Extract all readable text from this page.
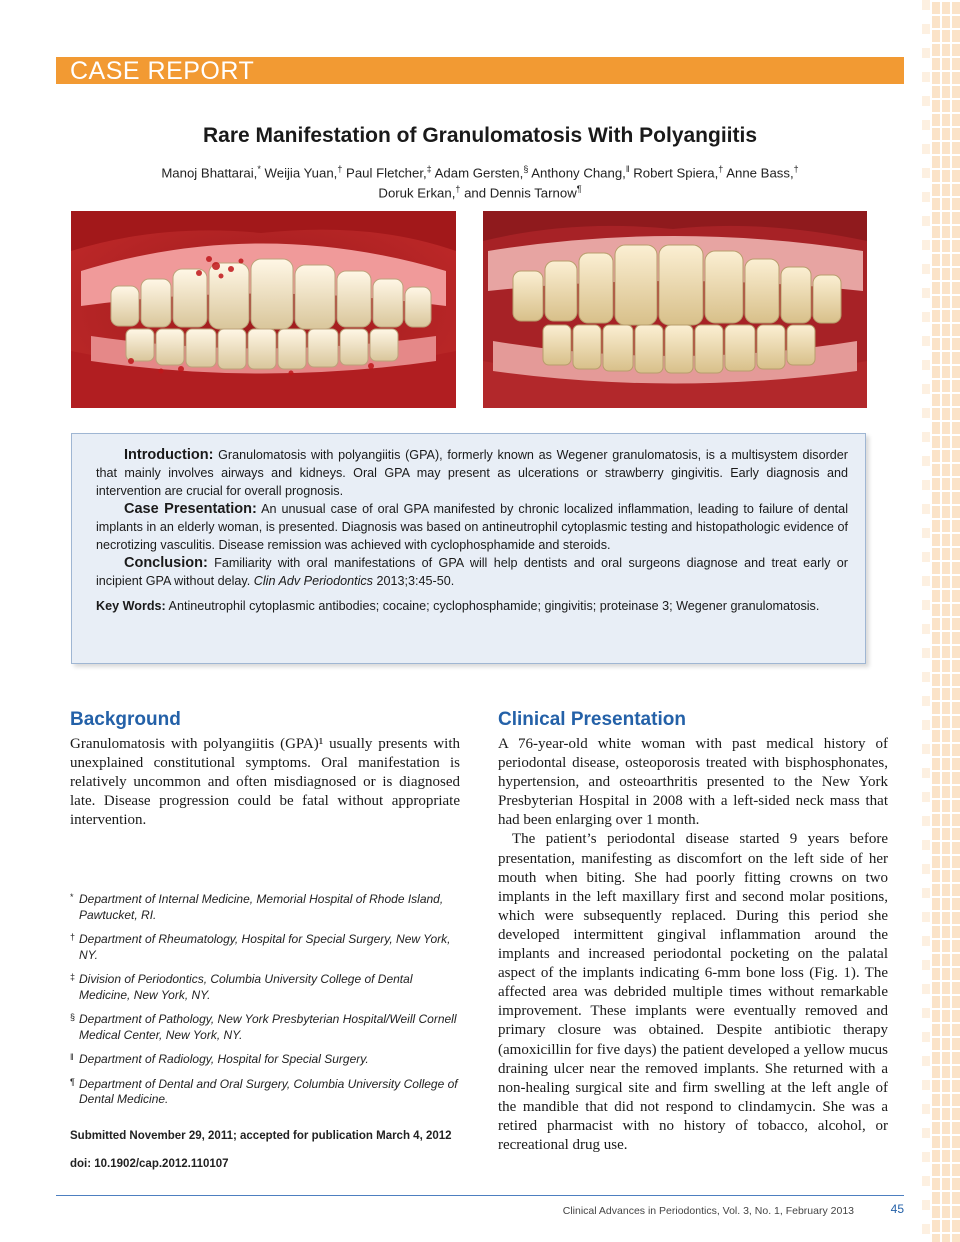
CASE REPORT
Rare Manifestation of Granulomatosis With Polyangiitis
Manoj Bhattarai,* Weijia Yuan,† Paul Fletcher,‡ Adam Gersten,§ Anthony Chang,‖ Robert Spiera,† Anne Bass,†
Doruk Erkan,† and Dennis Tarnow¶

Introduction: Granulomatosis with polyangiitis (GPA), formerly known as Wegener granulomatosis, is a multisystem disorder that mainly involves airways and kidneys. Oral GPA may present as ulcerations or strawberry gingivitis. Early diagnosis and intervention are crucial for overall prognosis.

Case Presentation: An unusual case of oral GPA manifested by chronic localized inflammation, leading to failure of dental implants in an elderly woman, is presented. Diagnosis was based on antineutrophil cytoplasmic testing and histopathologic evidence of necrotizing vasculitis. Disease remission was achieved with cyclophosphamide and steroids.

Conclusion: Familiarity with oral manifestations of GPA will help dentists and oral surgeons diagnose and treat early or incipient GPA without delay. Clin Adv Periodontics 2013;3:45-50.

Key Words: Antineutrophil cytoplasmic antibodies; cocaine; cyclophosphamide; gingivitis; proteinase 3; Wegener granulomatosis.

Background

Granulomatosis with polyangiitis (GPA)¹ usually presents with unexplained constitutional symptoms. Oral manifestation is relatively uncommon and often misdiagnosed or is diagnosed late. Disease progression could be fatal without appropriate intervention.

Clinical Presentation

A 76-year-old white woman with past medical history of periodontal disease, osteoporosis treated with bisphosphonates, hypertension, and osteoarthritis presented to the New York Presbyterian Hospital in 2008 with a left-sided neck mass that had been enlarging over 1 month.

The patient’s periodontal disease started 9 years before presentation, manifesting as discomfort on the left side of her mouth when biting. She had poorly fitting crowns on two implants in the left maxillary first and second molar positions, which were subsequently replaced. During this period she developed intermittent gingival inflammation around the implants and increased periodontal pocketing on the palatal aspect of the implants indicating 6-mm bone loss (Fig. 1). The affected area was debrided multiple times without remarkable improvement. These implants were eventually removed and primary closure was obtained. Despite antibiotic therapy (amoxicillin for five days) the patient developed a yellow mucus draining ulcer near the removed implants. She returned with a non-healing surgical site and firm swelling at the left angle of the mandible that did not respond to clindamycin. She was a retired pharmacist with no history of tobacco, alcohol, or recreational drug use.

* Department of Internal Medicine, Memorial Hospital of Rhode Island, Pawtucket, RI.
† Department of Rheumatology, Hospital for Special Surgery, New York, NY.
‡ Division of Periodontics, Columbia University College of Dental Medicine, New York, NY.
§ Department of Pathology, New York Presbyterian Hospital/Weill Cornell Medical Center, New York, NY.
‖ Department of Radiology, Hospital for Special Surgery.
¶ Department of Dental and Oral Surgery, Columbia University College of Dental Medicine.
Submitted November 29, 2011; accepted for publication March 4, 2012
doi: 10.1902/cap.2012.110107
Clinical Advances in Periodontics, Vol. 3, No. 1, February 2013	45
